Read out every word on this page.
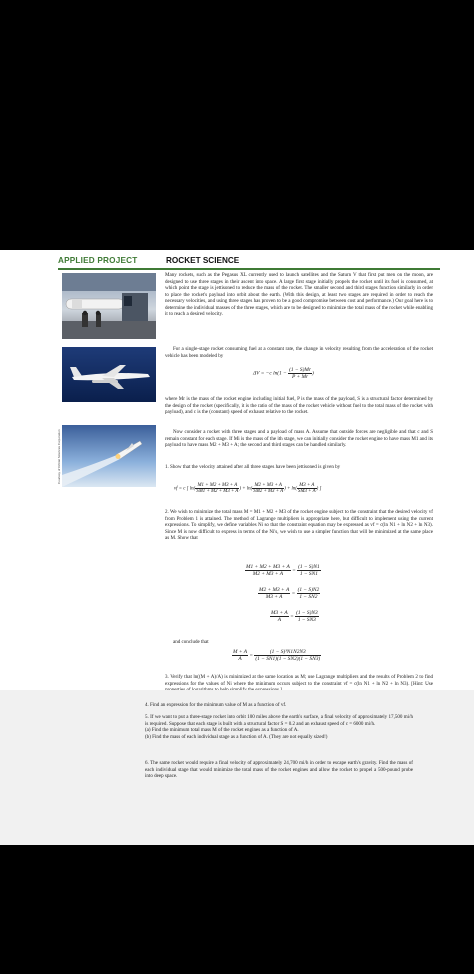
APPLIED PROJECT	ROCKET SCIENCE
Courtesy of Orbital Sciences Corporation

Many rockets, such as the Pegasus XL currently used to launch satellites and the Saturn V that first put men on the moon, are designed to use three stages in their ascent into space. A large first stage initially propels the rocket until its fuel is consumed, at which point the stage is jettisoned to reduce the mass of the rocket. The smaller second and third stages function similarly in order to place the rocket's payload into orbit about the earth. (With this design, at least two stages are required in order to reach the necessary velocities, and using three stages has proven to be a good compromise between cost and performance.) Our goal here is to determine the individual masses of the three stages, which are to be designed to minimize the total mass of the rocket while enabling it to reach a desired velocity.

For a single-stage rocket consuming fuel at a constant rate, the change in velocity resulting from the acceleration of the rocket vehicle has been modeled by

ΔV = −c $\ln(1 - \frac{(1 - S)Mr}{P + Mr}$ )

where Mr is the mass of the rocket engine including initial fuel, P is the mass of the payload, S is a structural factor determined by the design of the rocket (specifically, it is the ratio of the mass of the rocket vehicle without fuel to the total mass of the rocket with payload), and c is the (constant) speed of exhaust relative to the rocket.

Now consider a rocket with three stages and a payload of mass A. Assume that outside forces are negligible and that c and S remain constant for each stage. If Mi is the mass of the ith stage, we can initially consider the rocket engine to have mass M1 and its payload to have mass M2 + M3 + A; the second and third stages can be handled similarly.

1. Show that the velocity attained after all three stages have been jettisoned is given by

vf = c [ $\ln( \frac{M1 + M2 + M3 + A}{SM1 + M2 + M3 + A}$ ) + $\ln( \frac{M2 + M3 + A}{SM2 + M3 + A}$ ) + $\ln( \frac{M3 + A}{SM3 + A}$ ) ]

2. We wish to minimize the total mass M = M1 + M2 + M3 of the rocket engine subject to the constraint that the desired velocity vf from Problem 1 is attained. The method of Lagrange multipliers is appropriate here, but difficult to implement using the current expressions. To simplify, we define variables Ni so that the constraint equation may be expressed as vf = c(ln N1 + ln N2 + ln N3). Since M is now difficult to express in terms of the Ni's, we wish to use a simpler function that will be minimized at the same place as M. Show that

$\frac{M1 + M2 + M3 + A}{M2 + M3 + A} = \frac{(1 - S)N1}{1 - SN1}$
$\frac{M2 + M3 + A}{M3 + A} = \frac{(1 - S)N2}{1 - SN2}$
$\frac{M3 + A}{A} = \frac{(1 - S)N3}{1 - SN3}$
and conclude that
$\frac{M + A}{A} = \frac{\text{(1 − S)³N1N2N3}}{(1 - SN1)(1 - SN2)(1 - SN3)}$

3. Verify that ln((M + A)/A) is minimized at the same location as M; use Lagrange multipliers and the results of Problem 2 to find expressions for the values of Ni where the minimum occurs subject to the constraint vf = c(ln N1 + ln N2 + ln N3). [Hint: Use

4. Find an expression for the minimum value of M as a function of vf.

5. If we want to put a three-stage rocket into orbit 100 miles above the earth's surface, a final velocity of approximately 17,500 mi/h is required. Suppose that each stage is built with a structural factor S = 0.2 and an exhaust speed of c = 6000 mi/h.

(a) Find the minimum total mass M of the rocket engines as a function of A.

(b) Find the mass of each individual stage as a function of A. (They are not equally sized!)

6. The same rocket would require a final velocity of approximately 24,700 mi/h in order to escape earth's gravity. Find the mass of each individual stage that would minimize the total mass of the rocket engines and allow the rocket to propel a 500-pound probe into deep space.
